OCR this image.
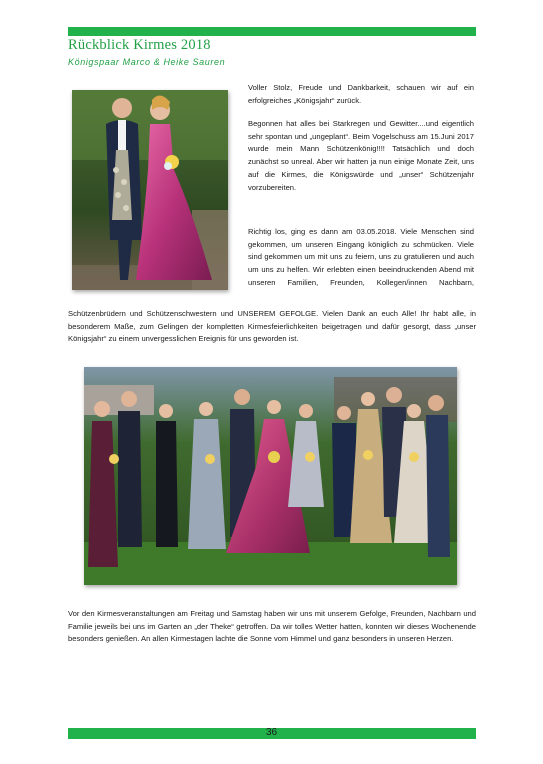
Rückblick Kirmes 2018
Königspaar Marco & Heike Sauren

Voller Stolz, Freude und Dankbarkeit, schauen wir auf ein erfolgreiches „Königsjahr“ zurück.

Begonnen hat alles bei Starkregen und Gewitter....und eigentlich sehr spontan und „ungeplant“. Beim Vogelschuss am 15.Juni 2017 wurde mein Mann Schützenkönig!!!! Tatsächlich und doch zunächst so unreal. Aber wir hatten ja nun einige Monate Zeit, uns auf die Kirmes, die Königswürde und „unser“ Schützenjahr vorzubereiten.

Richtig los, ging es dann am 03.05.2018. Viele Menschen sind gekommen, um unseren Eingang königlich zu schmücken. Viele sind gekommen um mit uns zu feiern, uns zu gratulieren und auch um uns zu helfen. Wir erlebten einen beeindruckenden Abend mit unseren Familien, Freunden, Kollegen/innen Nachbarn,

Schützenbrüdern und Schützenschwestern und UNSEREM GEFOLGE. Vielen Dank an euch Alle! Ihr habt alle, in besonderem Maße, zum Gelingen der kompletten Kirmesfeierlichkeiten beigetragen und dafür gesorgt, dass „unser Königsjahr“ zu einem unvergesslichen Ereignis für uns geworden ist.

Vor den Kirmesveranstaltungen am Freitag und Samstag haben wir uns mit unserem Gefolge, Freunden, Nachbarn und Familie jeweils bei uns im Garten an „der Theke“ getroffen. Da wir tolles Wetter hatten, konnten wir dieses Wochenende besonders genießen. An allen Kirmestagen lachte die Sonne vom Himmel und ganz besonders in unseren Herzen.

36
